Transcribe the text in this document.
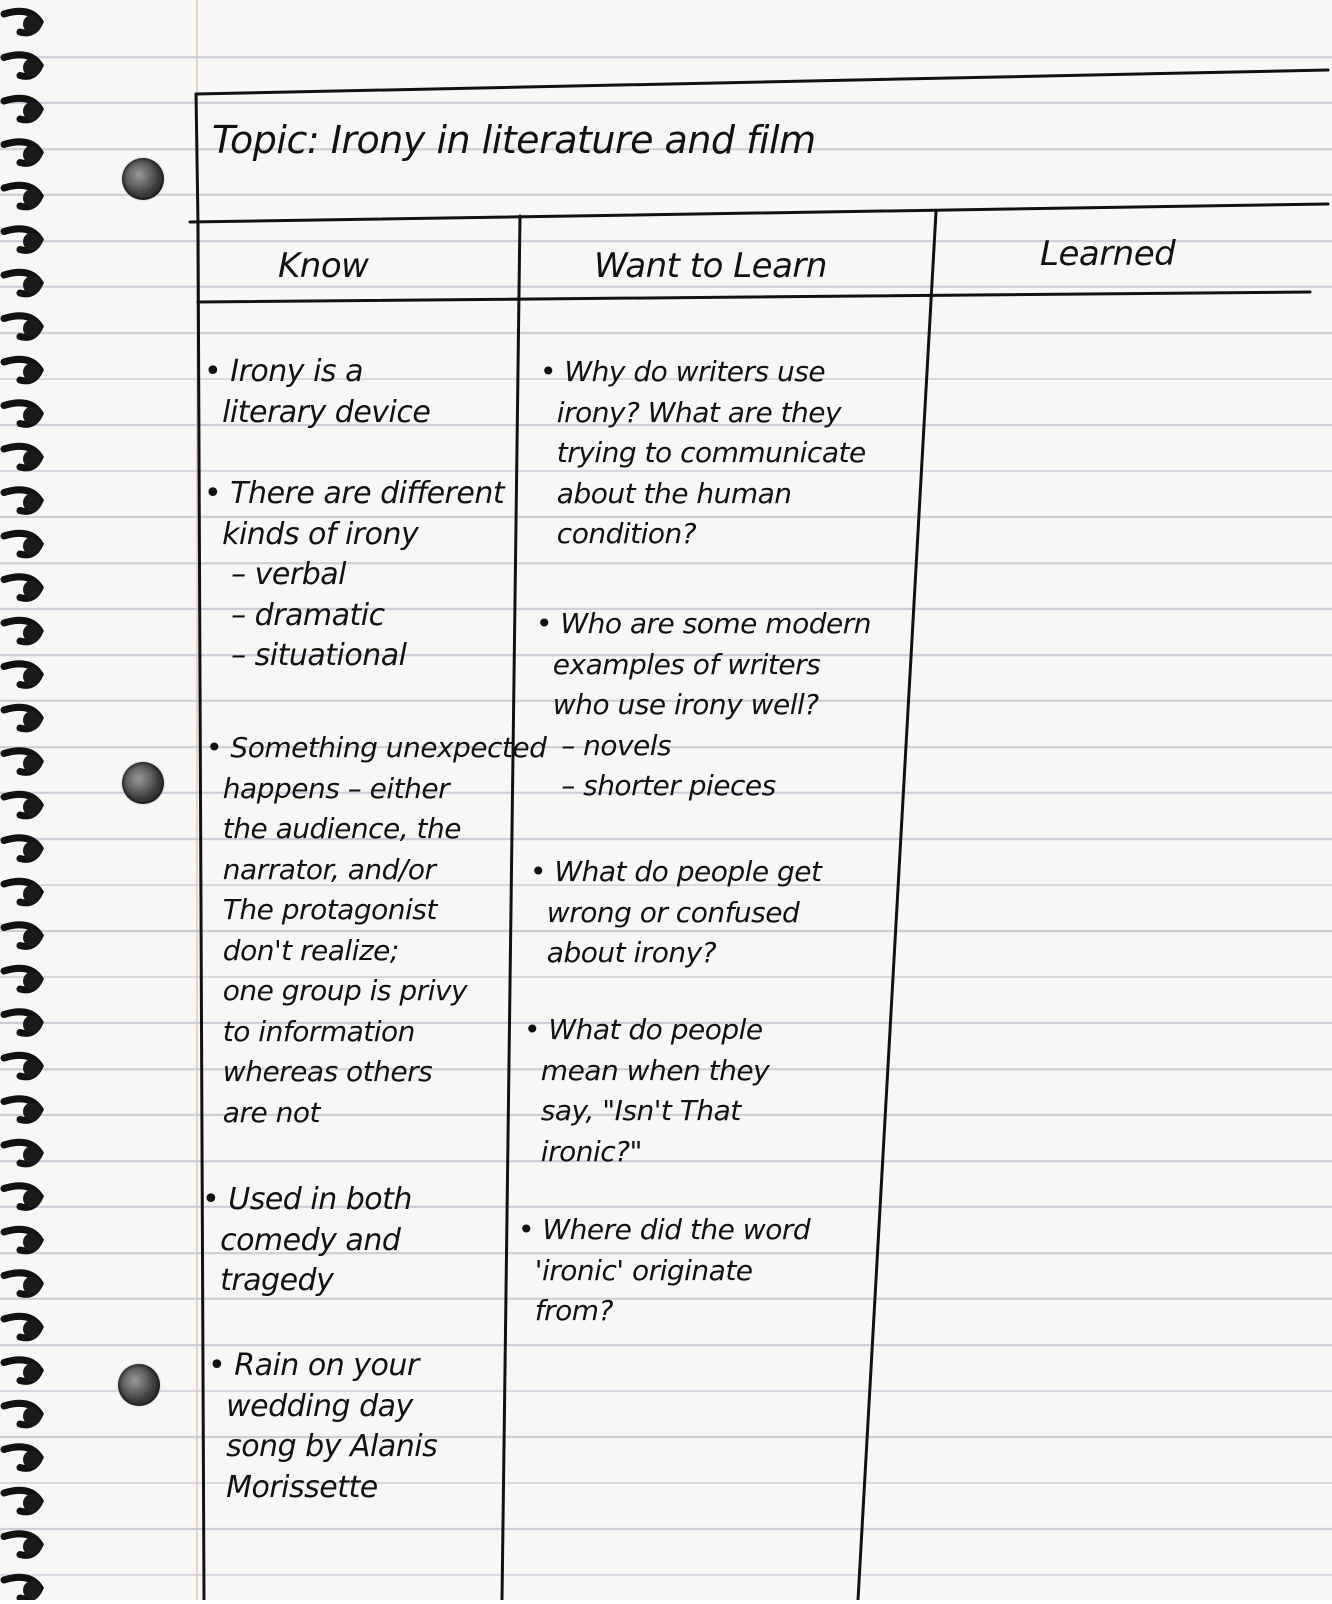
Topic: Irony in literature and film

Know	Want to Learn	Learned

• Irony is a
literary device

• There are different
kinds of irony
– verbal
– dramatic
– situational

• Something unexpected
happens – either
the audience, the
narrator, and/or
The protagonist
don't realize;
one group is privy
to information
whereas others
are not

• Used in both
comedy and
tragedy

• Rain on your
wedding day
song by Alanis
Morissette

• Why do writers use
irony? What are they
trying to communicate
about the human
condition?

• Who are some modern
examples of writers
who use irony well?
– novels
– shorter pieces

• What do people get
wrong or confused
about irony?

• What do people
mean when they
say, "Isn't That
ironic?"

• Where did the word
'ironic' originate
from?
